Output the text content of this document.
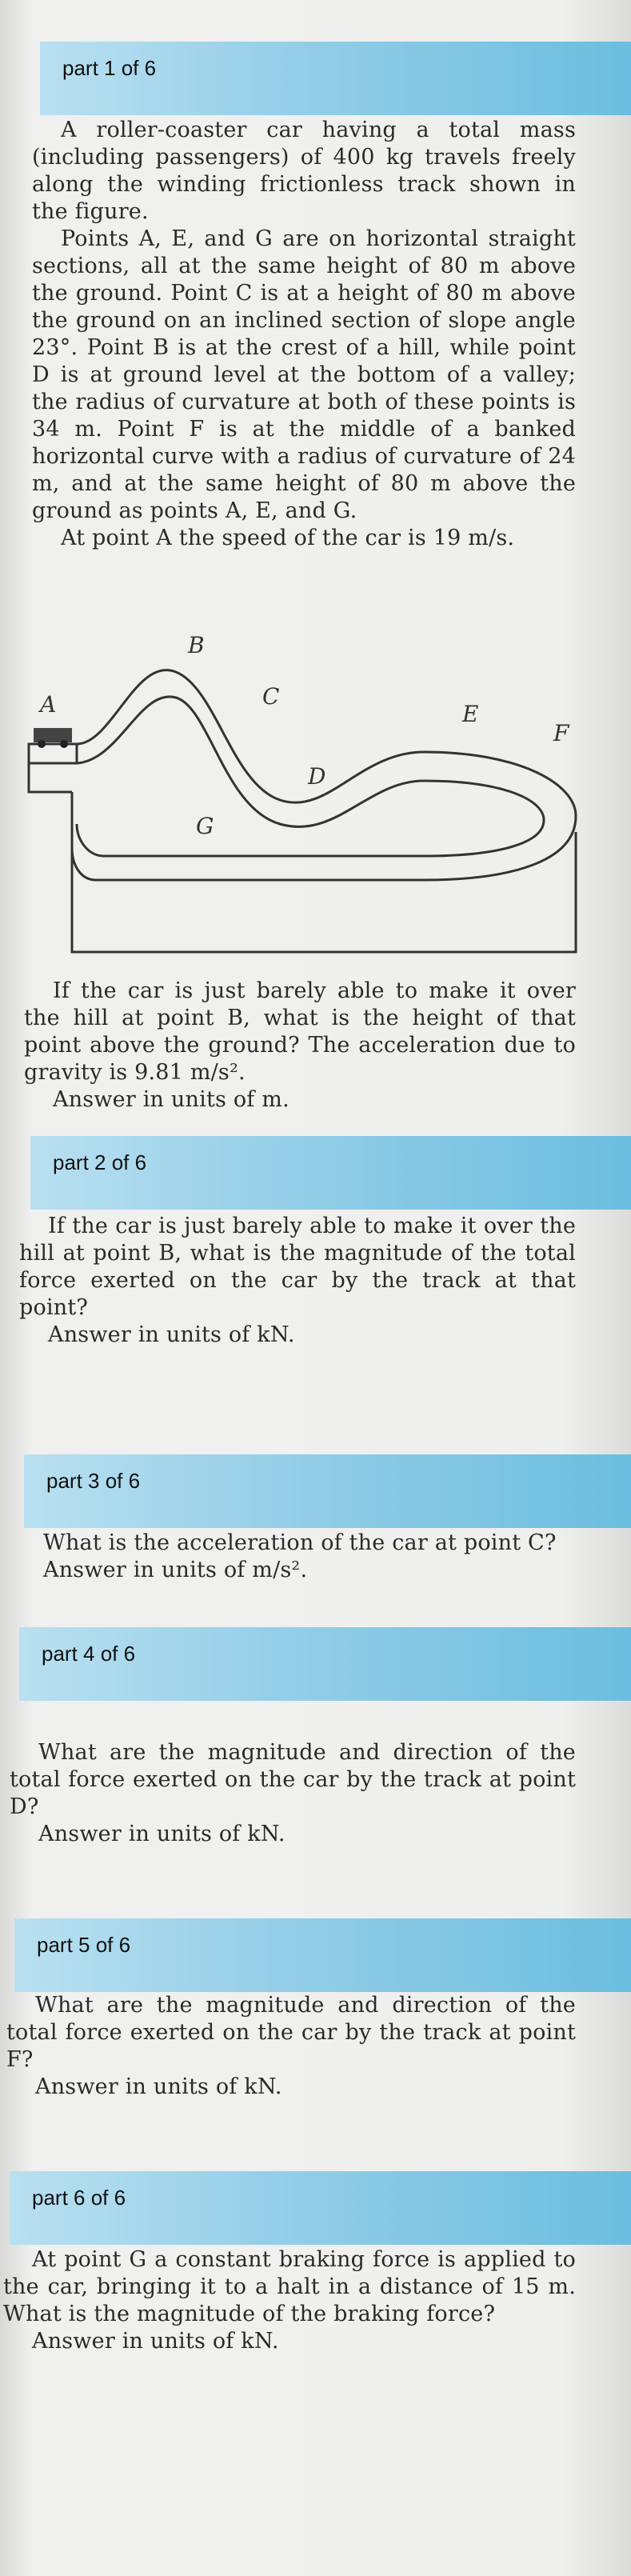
part 1 of 6

A roller-coaster car having a total mass (including passengers) of 400 kg travels freely along the winding frictionless track shown in the figure.

Points A, E, and G are on horizontal straight sections, all at the same height of 80 m above the ground. Point C is at a height of 80 m above the ground on an inclined section of slope angle 23°. Point B is at the crest of a hill, while point D is at ground level at the bottom of a valley; the radius of curvature at both of these points is 34 m. Point F is at the middle of a banked horizontal curve with a radius of curvature of 24 m, and at the same height of 80 m above the ground as points A, E, and G.

At point A the speed of the car is 19 m/s.

A
B
C
D
E
F
G

If the car is just barely able to make it over the hill at point B, what is the height of that point above the ground? The acceleration due to gravity is 9.81 m/s².

Answer in units of m.

part 2 of 6

If the car is just barely able to make it over the hill at point B, what is the magnitude of the total force exerted on the car by the track at that point?

Answer in units of kN.

part 3 of 6

What is the acceleration of the car at point C?

Answer in units of m/s².

part 4 of 6

What are the magnitude and direction of the total force exerted on the car by the track at point D?

Answer in units of kN.

part 5 of 6

What are the magnitude and direction of the total force exerted on the car by the track at point F?

Answer in units of kN.

part 6 of 6

At point G a constant braking force is applied to the car, bringing it to a halt in a distance of 15 m. What is the magnitude of the braking force?

Answer in units of kN.
